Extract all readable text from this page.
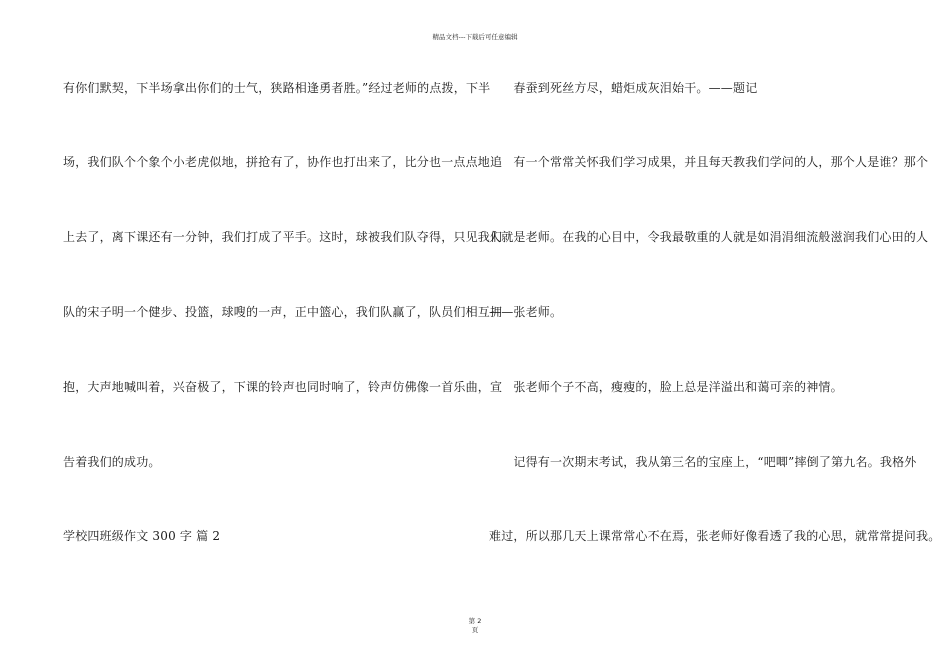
精品文档---下载后可任意编辑
有你们默契，下半场拿出你们的士气，狭路相逢勇者胜。”经过老师的点拨，下半
场，我们队个个象个小老虎似地，拼抢有了，协作也打出来了，比分也一点点地追
上去了，离下课还有一分钟，我们打成了平手。这时，球被我们队夺得，只见我们
队的宋子明一个健步、投篮，球嗖的一声，正中篮心，我们队赢了，队员们相互拥
抱，大声地喊叫着，兴奋极了，下课的铃声也同时响了，铃声仿佛像一首乐曲，宣
告着我们的成功。
学校四班级作文 300 字 篇 2
　　春蚕到死丝方尽，蜡炬成灰泪始干。——题记
　　有一个常常关怀我们学习成果，并且每天教我们学问的人，那个人是谁？那个
人就是老师。在我的心目中，令我最敬重的人就是如涓涓细流般滋润我们心田的人
——张老师。
　　张老师个子不高，瘦瘦的，脸上总是洋溢出和蔼可亲的神情。
　　记得有一次期末考试，我从第三名的宝座上，“吧唧”摔倒了第九名。我格外
难过，所以那几天上课常常心不在焉，张老师好像看透了我的心思，就常常提问我。
第 2
页
